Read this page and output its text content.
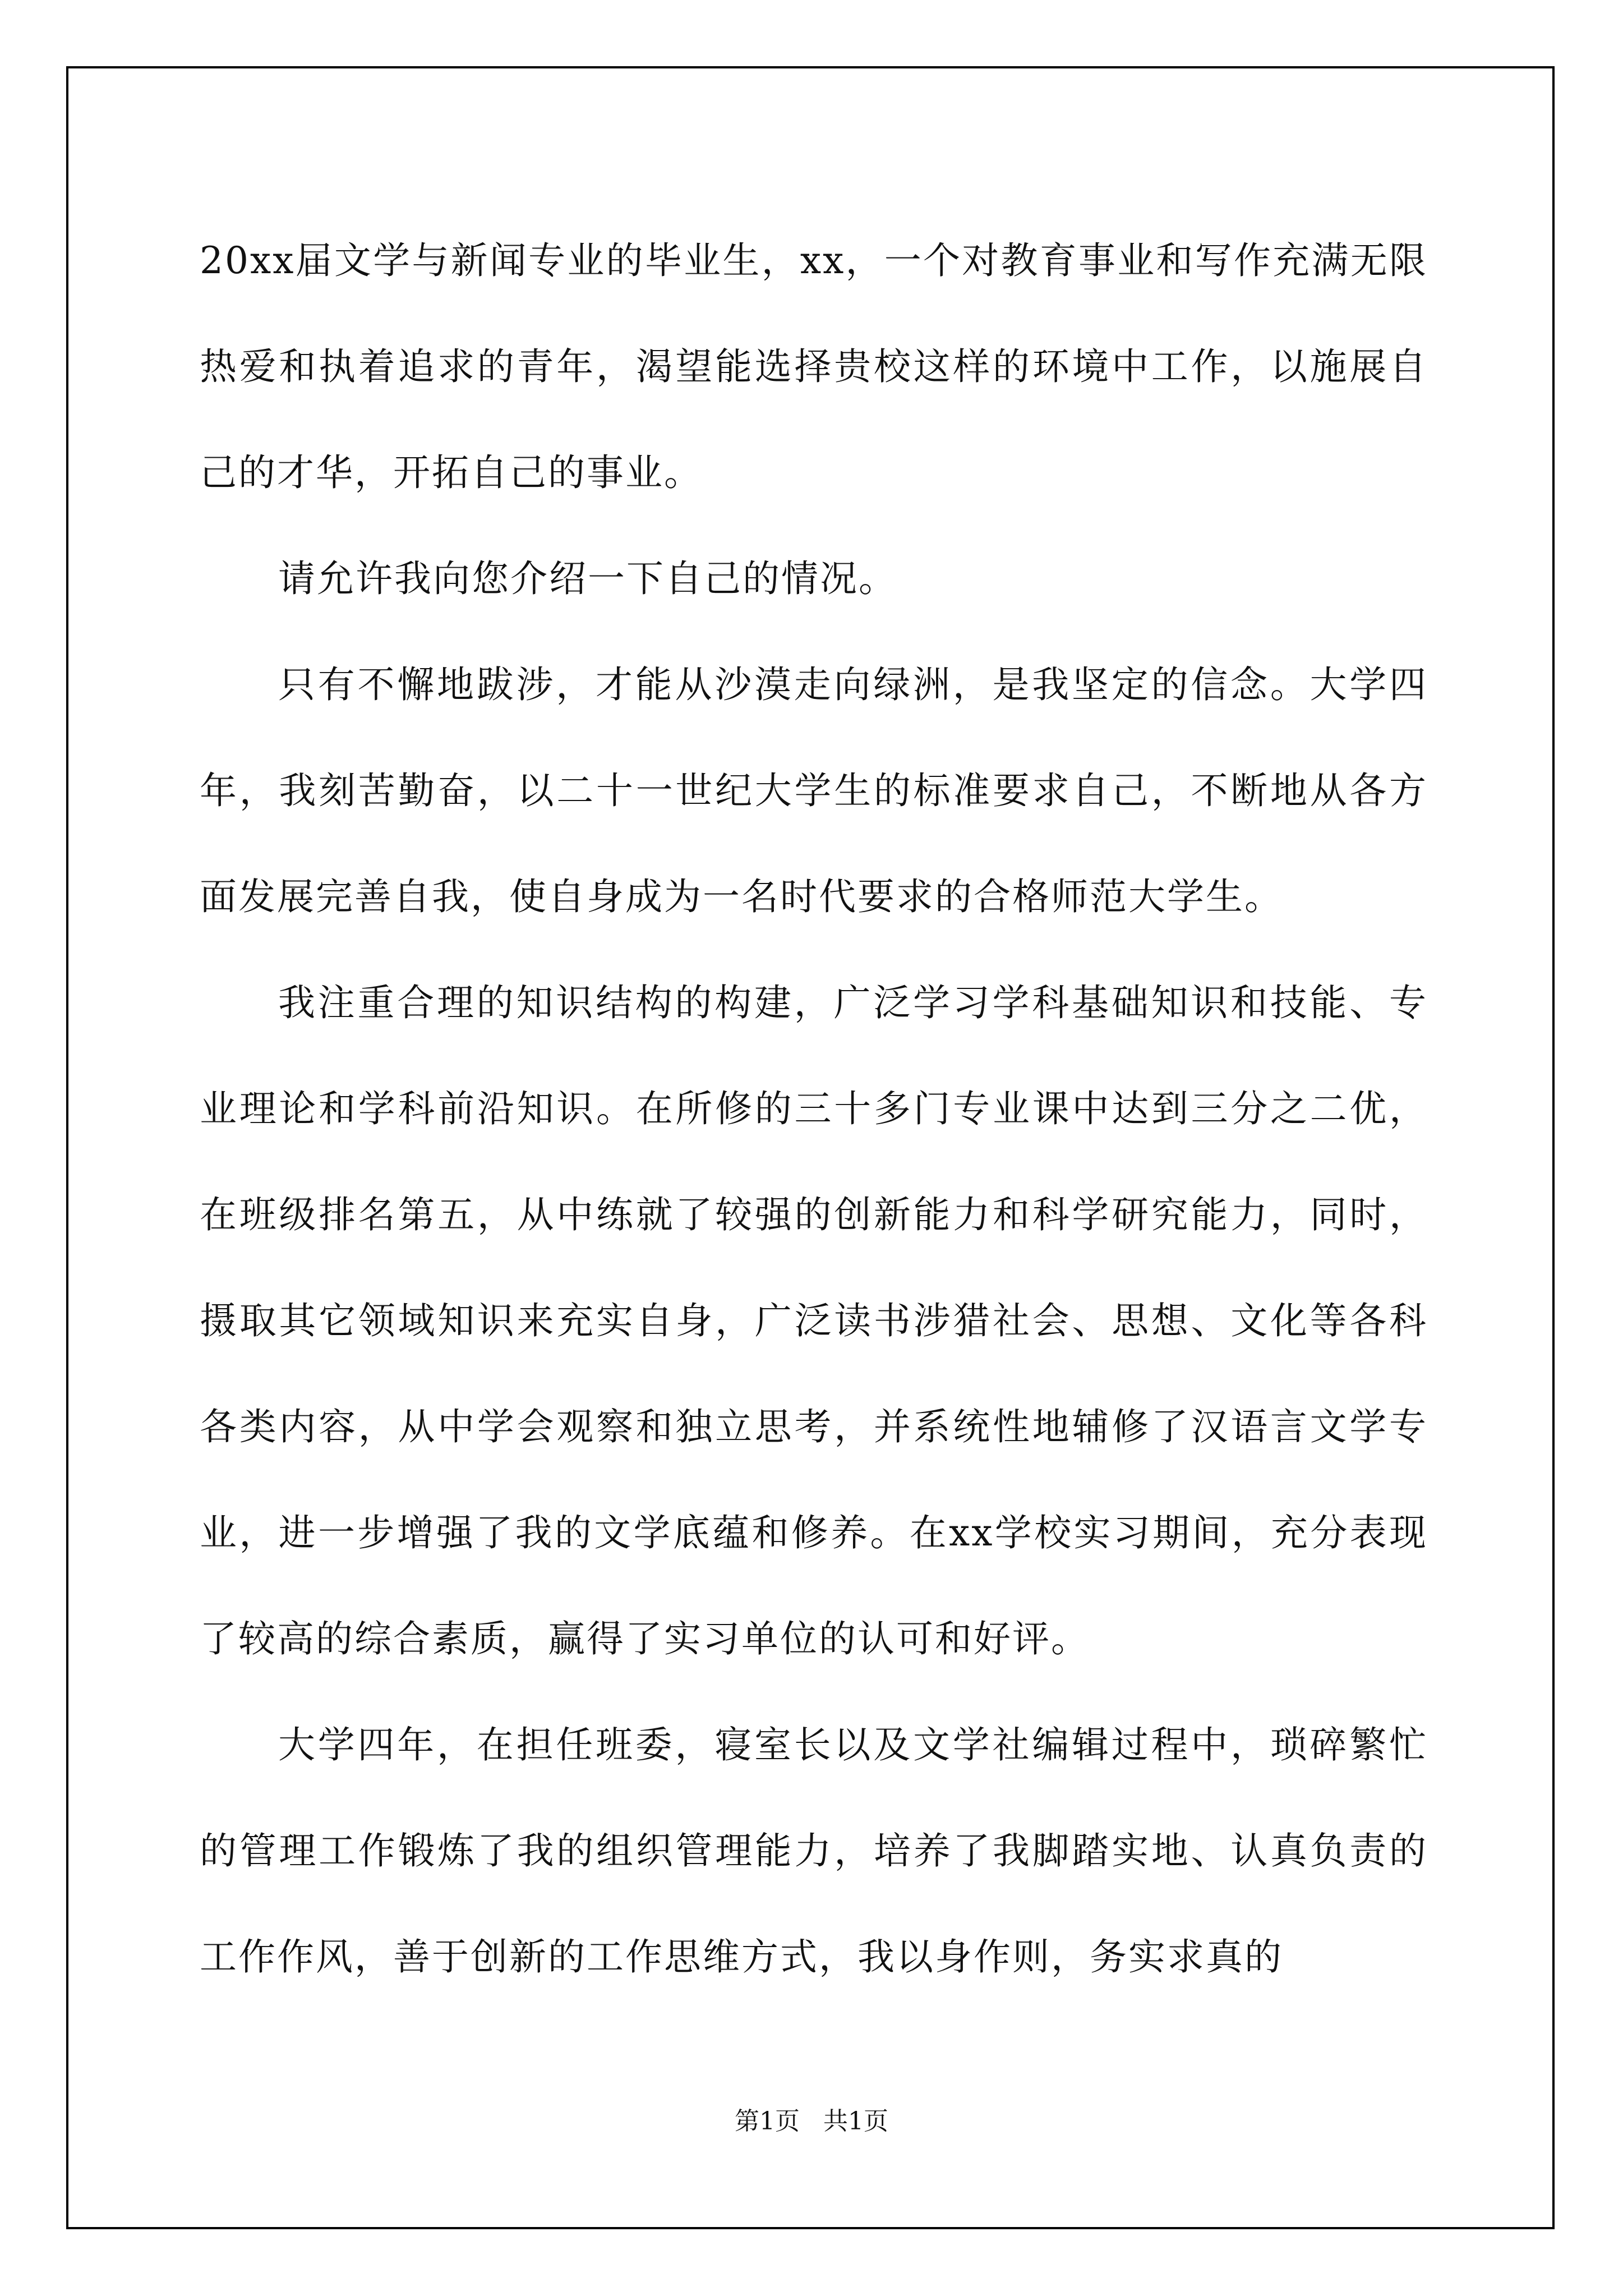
20xx届文学与新闻专业的毕业生，xx，一个对教育事业和写作充满无限热爱和执着追求的青年，渴望能选择贵校这样的环境中工作，以施展自己的才华，开拓自己的事业。

请允许我向您介绍一下自己的情况。

只有不懈地跋涉，才能从沙漠走向绿洲，是我坚定的信念。大学四年，我刻苦勤奋，以二十一世纪大学生的标准要求自己，不断地从各方面发展完善自我，使自身成为一名时代要求的合格师范大学生。

我注重合理的知识结构的构建，广泛学习学科基础知识和技能、专业理论和学科前沿知识。在所修的三十多门专业课中达到三分之二优，在班级排名第五，从中练就了较强的创新能力和科学研究能力，同时，摄取其它领域知识来充实自身，广泛读书涉猎社会、思想、文化等各科各类内容，从中学会观察和独立思考，并系统性地辅修了汉语言文学专业，进一步增强了我的文学底蕴和修养。在xx学校实习期间，充分表现了较高的综合素质，赢得了实习单位的认可和好评。

大学四年，在担任班委，寝室长以及文学社编辑过程中，琐碎繁忙的管理工作锻炼了我的组织管理能力，培养了我脚踏实地、认真负责的工作作风，善于创新的工作思维方式，我以身作则，务实求真的

第1页   共1页
